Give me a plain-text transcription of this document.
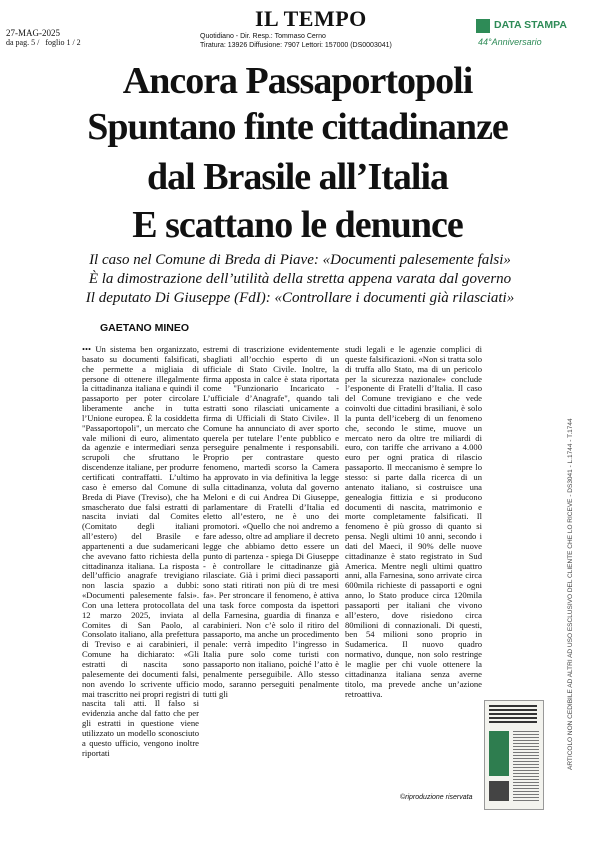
27-MAG-2025
da pag. 5 / foglio 1 / 2
IL TEMPO
Quotidiano - Dir. Resp.: Tommaso Cerno
Tiratura: 13926 Diffusione: 7907 Lettori: 157000 (DS0003041)
DATA STAMPA
44°Anniversario
Ancora Passaportopoli
Spuntano finte cittadinanze
dal Brasile all’Italia
E scattano le denunce
Il caso nel Comune di Breda di Piave: «Documenti palesemente falsi»
È la dimostrazione dell’utilità della stretta appena varata dal governo
Il deputato Di Giuseppe (FdI): «Controllare i documenti già rilasciati»
GAETANO MINEO

••• Un sistema ben organizzato, basato su documenti falsificati, che permette a migliaia di persone di ottenere illegalmente la cittadinanza italiana e quindi il passaporto per poter circolare liberamente anche in tutta l’Unione europea. È la cosiddetta "Passaportopoli", un mercato che vale milioni di euro, alimentato da agenzie e intermediari senza scrupoli che sfruttano le discendenze italiane, per produrre certificati contraffatti. L’ultimo caso è emerso dal Comune di Breda di Piave (Treviso), che ha smascherato due falsi estratti di nascita inviati dal Comites (Comitato degli italiani all’estero) del Brasile e appartenenti a due sudamericani che avevano fatto richiesta della cittadinanza italiana. La risposta dell’ufficio anagrafe trevigiano non lascia spazio a dubbi: «Documenti palesemente falsi». Con una lettera protocollata del 12 marzo 2025, inviata al Comites di San Paolo, al Consolato italiano, alla prefettura di Treviso e ai carabinieri, il Comune ha dichiarato: «Gli estratti di nascita sono palesemente dei documenti falsi, non avendo lo scrivente ufficio mai trascritto nei propri registri di nascita tali atti. Il falso si evidenzia anche dal fatto che per gli estratti in questione viene utilizzato un modello sconosciuto a questo ufficio, vengono inoltre riportati

estremi di trascrizione evidentemente sbagliati all’occhio esperto di un ufficiale di Stato Civile. Inoltre, la firma apposta in calce è stata riportata come "Funzionario Incaricato - L’ufficiale d’Anagrafe", quando tali estratti sono rilasciati unicamente a firma di Ufficiali di Stato Civile». Il Comune ha annunciato di aver sporto querela per tutelare l’ente pubblico e perseguire penalmente i responsabili. Proprio per contrastare questo fenomeno, martedì scorso la Camera ha approvato in via definitiva la legge sulla cittadinanza, voluta dal governo Meloni e di cui Andrea Di Giuseppe, parlamentare di Fratelli d’Italia ed eletto all’estero, ne è uno dei promotori. «Quello che noi andremo a fare adesso, oltre ad ampliare il decreto legge che abbiamo detto essere un punto di partenza - spiega Di Giuseppe - è controllare le cittadinanze già rilasciate. Già i primi dieci passaporti sono stati ritirati non più di tre mesi fa». Per stroncare il fenomeno, è attiva una task force composta da ispettori della Farnesina, guardia di finanza e carabinieri. Non c’è solo il ritiro del passaporto, ma anche un procedimento penale: verrà impedito l’ingresso in Italia pure solo come turisti con passaporto non italiano, poiché l’atto è penalmente perseguibile. Allo stesso modo, saranno perseguiti penalmente tutti gli

studi legali e le agenzie complici di queste falsificazioni. «Non si tratta solo di truffa allo Stato, ma di un pericolo per la sicurezza nazionale» conclude l’esponente di Fratelli d’Italia. Il caso del Comune trevigiano e che vede coinvolti due cittadini brasiliani, è solo la punta dell’iceberg di un fenomeno che, secondo le stime, muove un mercato nero da oltre tre miliardi di euro, con tariffe che arrivano a 4.000 euro per ogni pratica di rilascio passaporto. Il meccanismo è sempre lo stesso: si parte dalla ricerca di un antenato italiano, si costruisce una genealogia fittizia e si producono documenti di nascita, matrimonio e morte completamente falsificati. Il fenomeno è più grosso di quanto si pensa. Negli ultimi 10 anni, secondo i dati del Maeci, il 90% delle nuove cittadinanze è stato registrato in Sud America. Mentre negli ultimi quattro anni, alla Farnesina, sono arrivate circa 600mila richieste di passaporti e ogni anno, lo Stato produce circa 120mila passaporti per italiani che vivono all’estero, dove risiedono circa 80milioni di connazionali. Di questi, ben 54 milioni sono proprio in Sudamerica. Il nuovo quadro normativo, dunque, non solo restringe le maglie per chi vuole ottenere la cittadinanza italiana senza averne titolo, ma prevede anche un’azione retroattiva.

©riproduzione riservata
ARTICOLO NON CEDIBILE AD ALTRI AD USO ESCLUSIVO DEL CLIENTE CHE LO RICEVE - DS3041 - L.1744 - T.1744
